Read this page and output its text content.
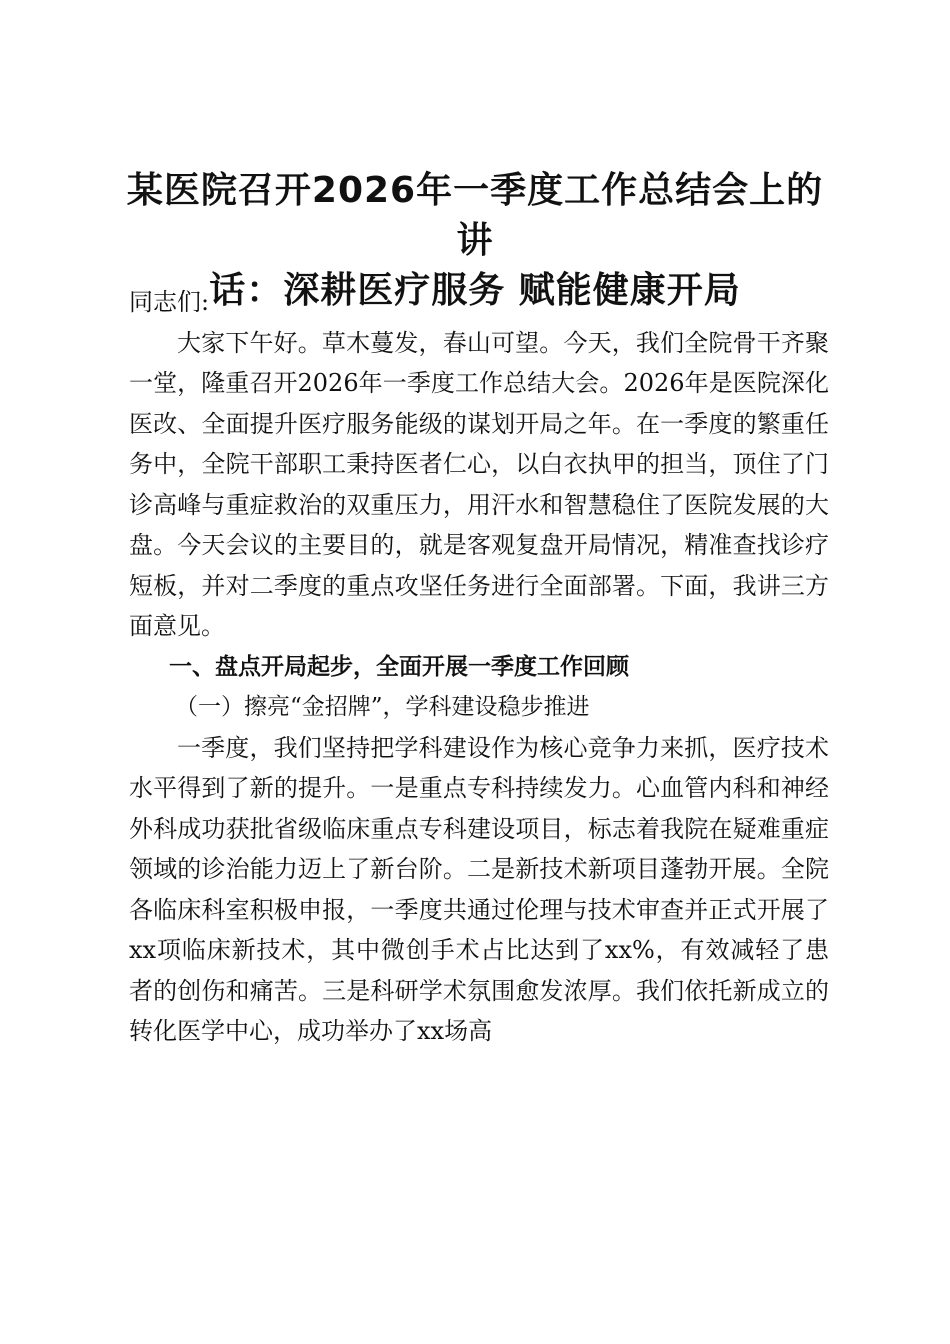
某医院召开2026年一季度工作总结会上的讲
话：深耕医疗服务 赋能健康开局

同志们:

大家下午好。草木蔓发，春山可望。今天，我们全院骨干齐聚一堂，隆重召开2026年一季度工作总结大会。2026年是医院深化医改、全面提升医疗服务能级的谋划开局之年。在一季度的繁重任务中，全院干部职工秉持医者仁心，以白衣执甲的担当，顶住了门诊高峰与重症救治的双重压力，用汗水和智慧稳住了医院发展的大盘。今天会议的主要目的，就是客观复盘开局情况，精准查找诊疗短板，并对二季度的重点攻坚任务进行全面部署。下面，我讲三方面意见。

一、盘点开局起步，全面开展一季度工作回顾

（一）擦亮“金招牌”，学科建设稳步推进

一季度，我们坚持把学科建设作为核心竞争力来抓，医疗技术水平得到了新的提升。一是重点专科持续发力。心血管内科和神经外科成功获批省级临床重点专科建设项目，标志着我院在疑难重症领域的诊治能力迈上了新台阶。二是新技术新项目蓬勃开展。全院各临床科室积极申报，一季度共通过伦理与技术审查并正式开展了xx项临床新技术，其中微创手术占比达到了xx%，有效减轻了患者的创伤和痛苦。三是科研学术氛围愈发浓厚。我们依托新成立的转化医学中心，成功举办了xx场高
